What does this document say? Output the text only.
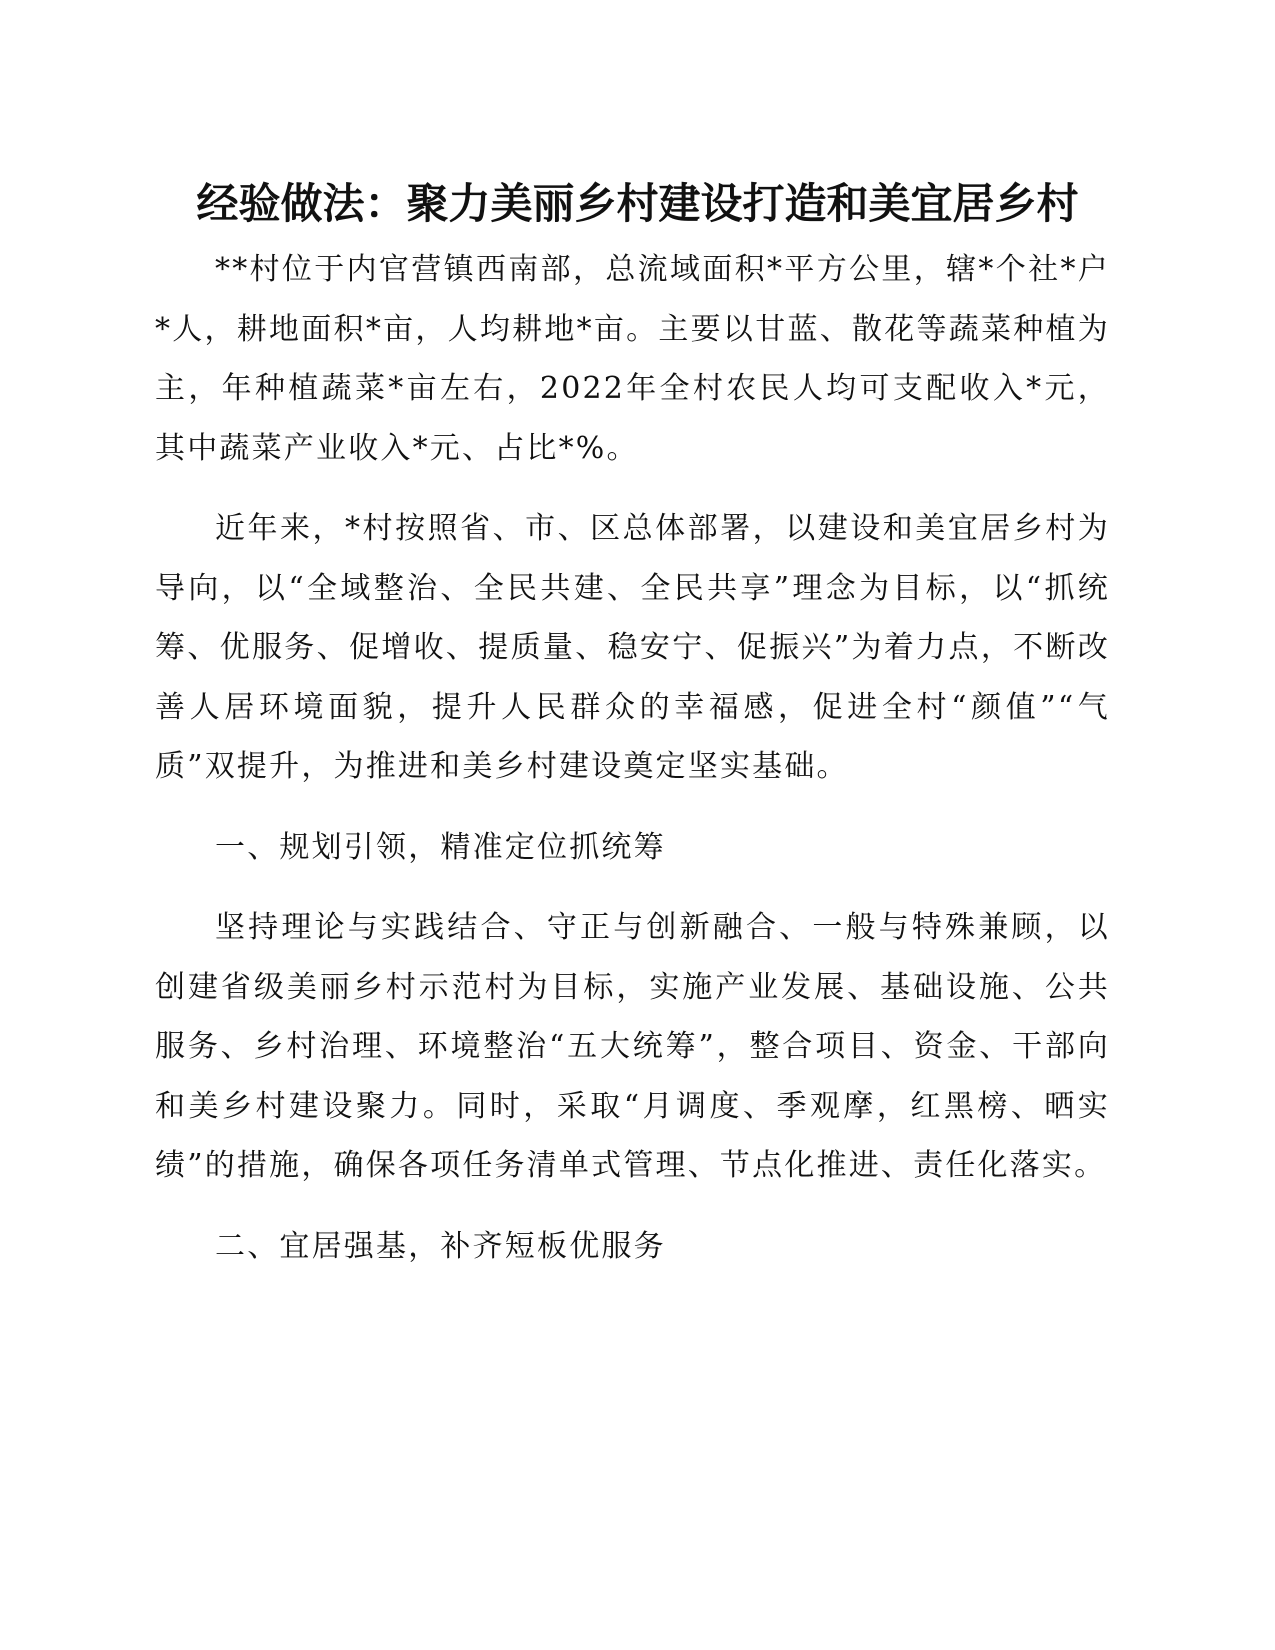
经验做法：聚力美丽乡村建设打造和美宜居乡村

**村位于内官营镇西南部，总流域面积*平方公里，辖*个社*户*人，耕地面积*亩，人均耕地*亩。主要以甘蓝、散花等蔬菜种植为主，年种植蔬菜*亩左右，2022年全村农民人均可支配收入*元，其中蔬菜产业收入*元、占比*%。

近年来，*村按照省、市、区总体部署，以建设和美宜居乡村为导向，以“全域整治、全民共建、全民共享”理念为目标，以“抓统筹、优服务、促增收、提质量、稳安宁、促振兴”为着力点，不断改善人居环境面貌，提升人民群众的幸福感，促进全村“颜值”“气质”双提升，为推进和美乡村建设奠定坚实基础。

一、规划引领，精准定位抓统筹

坚持理论与实践结合、守正与创新融合、一般与特殊兼顾，以创建省级美丽乡村示范村为目标，实施产业发展、基础设施、公共服务、乡村治理、环境整治“五大统筹”，整合项目、资金、干部向和美乡村建设聚力。同时，采取“月调度、季观摩，红黑榜、晒实绩”的措施，确保各项任务清单式管理、节点化推进、责任化落实。

二、宜居强基，补齐短板优服务
